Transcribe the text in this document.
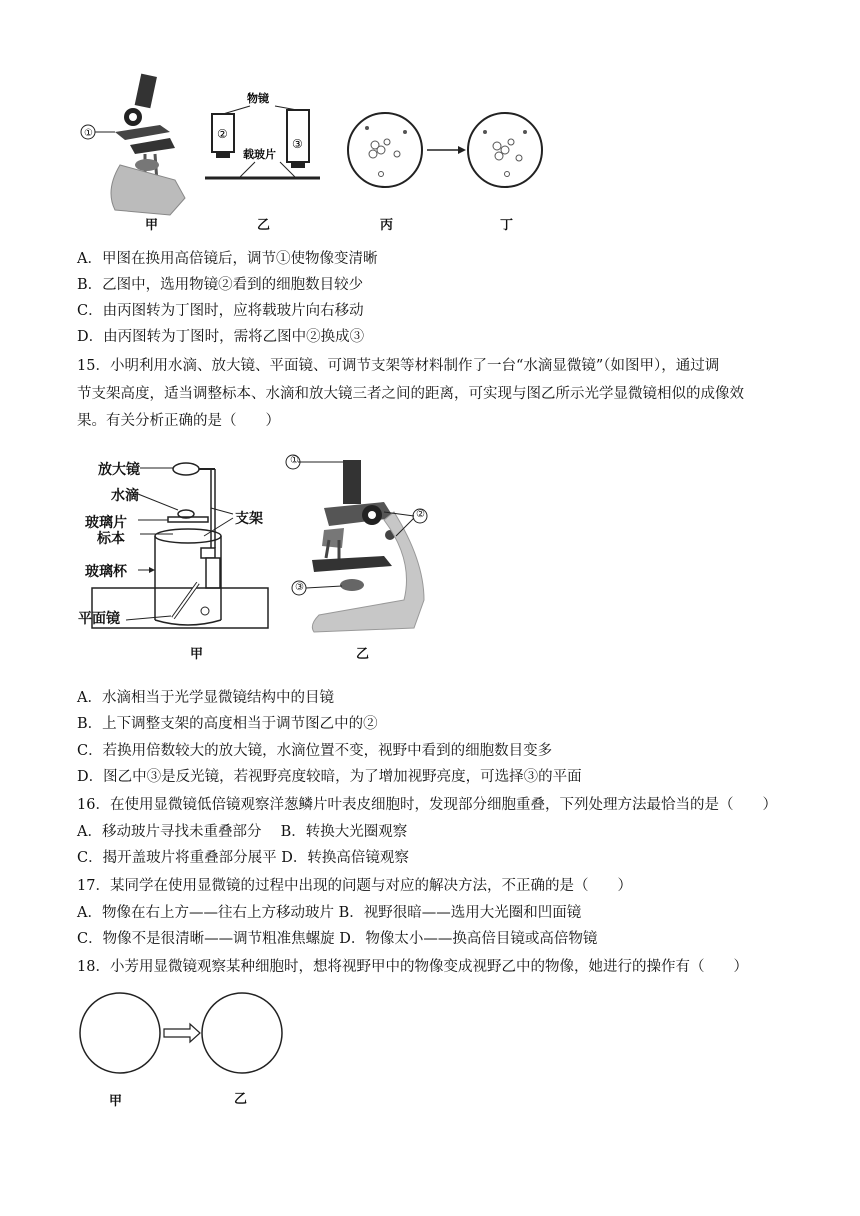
①
物镜
②
③
载玻片
甲	乙	丙	丁
A．甲图在换用高倍镜后，调节①使物像变清晰
B．乙图中，选用物镜②看到的细胞数目较少
C．由丙图转为丁图时，应将载玻片向右移动
D．由丙图转为丁图时，需将乙图中②换成③
15．小明利用水滴、放大镜、平面镜、可调节支架等材料制作了一台“水滴显微镜”（如图甲），通过调
节支架高度，适当调整标本、水滴和放大镜三者之间的距离，可实现与图乙所示光学显微镜相似的成像效
果。有关分析正确的是（　　）
放大镜
水滴
玻璃片
标本
玻璃杯
平面镜
支架
甲
①
②
③
乙
A．水滴相当于光学显微镜结构中的目镜
B．上下调整支架的高度相当于调节图乙中的②
C．若换用倍数较大的放大镜，水滴位置不变，视野中看到的细胞数目变多
D．图乙中③是反光镜，若视野亮度较暗，为了增加视野亮度，可选择③的平面
16．在使用显微镜低倍镜观察洋葱鳞片叶表皮细胞时，发现部分细胞重叠，下列处理方法最恰当的是（　　）
A．移动玻片寻找未重叠部分　 B．转换大光圈观察
C．揭开盖玻片将重叠部分展平 D．转换高倍镜观察
17．某同学在使用显微镜的过程中出现的问题与对应的解决方法，不正确的是（　　）
A．物像在右上方——往右上方移动玻片 B．视野很暗——选用大光圈和凹面镜
C．物像不是很清晰——调节粗准焦螺旋 D．物像太小——换高倍目镜或高倍物镜
18．小芳用显微镜观察某种细胞时，想将视野甲中的物像变成视野乙中的物像，她进行的操作有（　　）
甲	乙
